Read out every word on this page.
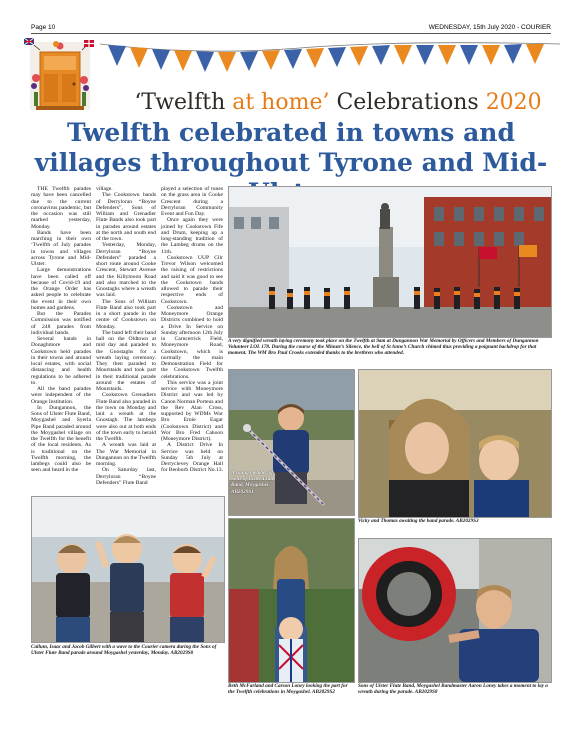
Page 10	WEDNESDAY, 15th July 2020 - COURIER
‘Twelfth at home’ Celebrations 2020
Twelfth celebrated in towns and villages throughout Tyrone and Mid-

THE Twelfth parades may have been cancelled due to the current coronavirus pandemic, but the occasion was still marked yesterday, Monday.

Bands have been marching in their own ‘Twelfth of July parades in towns and villages across Tyrone and Mid-Ulster.

Large demonstrations have been called off because of Covid-19 and the Orange Order has asked people to celebrate the event in their own homes and gardens.

But the Parades Commission was notified of 248 parades from individual bands.

Several bands in Donaghmore and Cookstown held parades in their towns and around local estates, with social distancing and health regulations to be adhered to.

All the band parades were independent of the Orange Institution.

In Dungannon, the Sons of Ulster Flute Band, Moygashel and Syerla Pipe Band paraded around the Moygashel village on the Twelfth for the benefit of the local residents. As is traditional on the Twelfth morning, the lambegs could also be seen and heard in the

village.

The Cookstown bands of Derryloran “Boyne Defenders”, Sons of William and Grenadier Flute Bands also took part in parades around estates at the north and south end of the town.

Yesterday, Monday, Derryloran “Boyne Defenders” paraded a short route around Cooke Crescent, Stewart Avenue and the Killymoon Road and also marched to the Gnostaghs where a wreath was laid.

The Sons of William Flute Band also took part in a short parade in the centre of Cookstown on Monday.

The band left their band hall on the Oldtown at mid day and paraded to the Gnostaghs for a wreath laying ceremony. They then paraded to Mourstaids and took part in their traditional parade around the estates of Mourstaids.

Cookstown Grenadiers Flute Band also paraded in the town on Monday and laid a wreath at the Gnostagh. The lambegs were also out at both ends of the town early to herald the Twelfth.

A wreath was laid at The War Memorial in Dungannon on the Twelfth morning.

On Saturday last, Derryloran “Boyne Defenders” Flute Band

played a selection of tunes on the grass area in Cooke Crescent during a Derryloran Community Event and Fun Day.

Once again they were joined by Cookstown Fife and Drum, keeping up a long-standing tradition of the Lambeg drums on the 11th.

Cookstown UUP Cllr Trevor Wilson welcomed the raising of restrictions and said it was good to see the Cookstown bands allowed to parade their respective ends of Cookstown.

Cookstown and Moneymore Orange Districts combined to hold a Drive In Service on Sunday afternoon 12th July in Carncerrick Field, Moneymore Road, Cookstown, which is normally the main Demonstration Field for the Cookstown Twelfth celebrations.

This service was a joint service with Moneymore District and was led by Canon Norman Porteus and the Rev Alan Cross, supported by WDMs Wor Bro Ernie Eagar (Cookstown District) and Wor Bro Fred Cahoon (Moneymore District).

A District Drive In Service was held on Sunday 5th July at Derryclevey Orange Hall for Benburb District No.13.

A very dignified wreath laying ceremony took place on the Twelfth at 9am at Dungannon War Memorial by Officers and Members of Dungannon Volunteer LOL 178. During the course of the Minute’s Silence, the bell of St Anne’s Church chimed thus providing a poignant backdrop for that moment. The WM Bro Paul Crooks extended thanks to the brethren who attended.
A young member of Sons of Ulster Flute Band, Moygashel. AB2029S1
Vicky and Thomas awaiting the band parade. AB2029S3
Callum, Isaac and Jacob Gilbert with a wave to the Courier camera during the Sons of Ulster Flute Band parade around Moygashel yesterday, Monday. AB2029S0
Beth McFarland and Carson Loney looking the part for the Twelfth celebrations in Moygashel. AB2029S2
Sons of Ulster Flute Band, Moygashel Bandmaster Aaron Loney takes a moment to lay a wreath during the parade. AB2029S8
